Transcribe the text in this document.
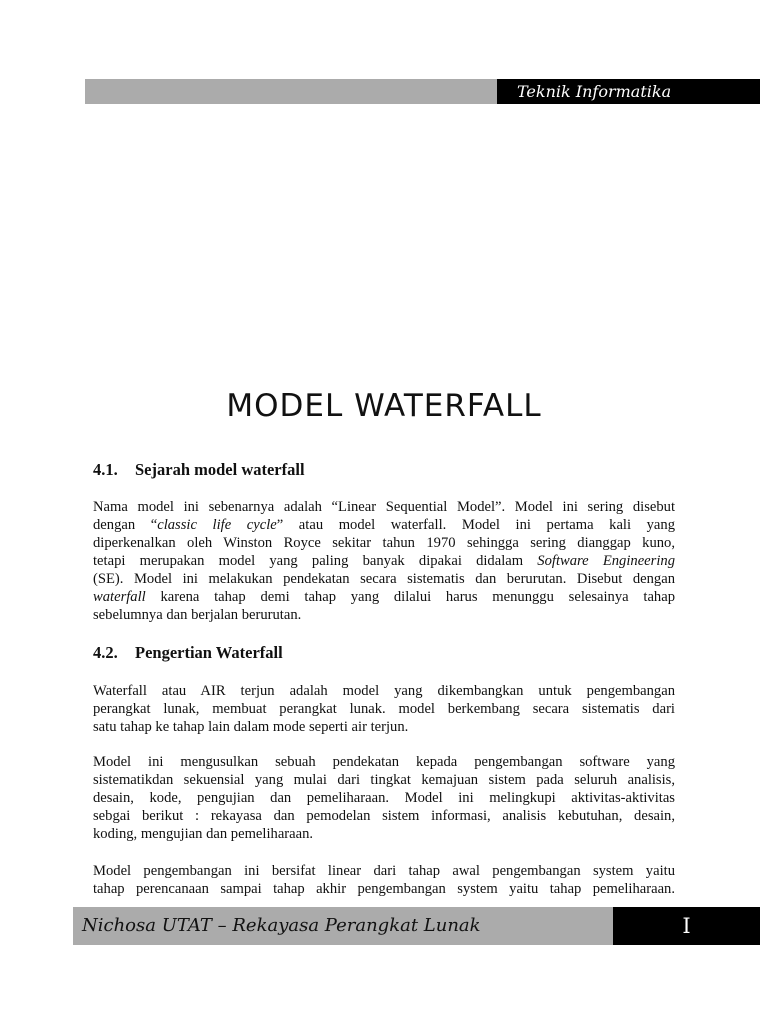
Teknik Informatika
MODEL WATERFALL
4.1. Sejarah model waterfall
Nama model ini sebenarnya adalah “Linear Sequential Model”. Model ini sering disebut
dengan “classic life cycle” atau model waterfall. Model ini pertama kali yang
diperkenalkan oleh Winston Royce sekitar tahun 1970 sehingga sering dianggap kuno,
tetapi merupakan model yang paling banyak dipakai didalam Software Engineering
(SE). Model ini melakukan pendekatan secara sistematis dan berurutan. Disebut dengan
waterfall karena tahap demi tahap yang dilalui harus menunggu selesainya tahap
sebelumnya dan berjalan berurutan.
4.2. Pengertian Waterfall
Waterfall atau AIR terjun adalah model yang dikembangkan untuk pengembangan
perangkat lunak, membuat perangkat lunak. model berkembang secara sistematis dari
satu tahap ke tahap lain dalam mode seperti air terjun.
Model ini mengusulkan sebuah pendekatan kepada pengembangan software yang
sistematikdan sekuensial yang mulai dari tingkat kemajuan sistem pada seluruh analisis,
desain, kode, pengujian dan pemeliharaan. Model ini melingkupi aktivitas-aktivitas
sebgai berikut : rekayasa dan pemodelan sistem informasi, analisis kebutuhan, desain,
koding, mengujian dan pemeliharaan.
Model pengembangan ini bersifat linear dari tahap awal pengembangan system yaitu
tahap perencanaan sampai tahap akhir pengembangan system yaitu tahap pemeliharaan.
Nichosa UTAT – Rekayasa Perangkat Lunak	I
